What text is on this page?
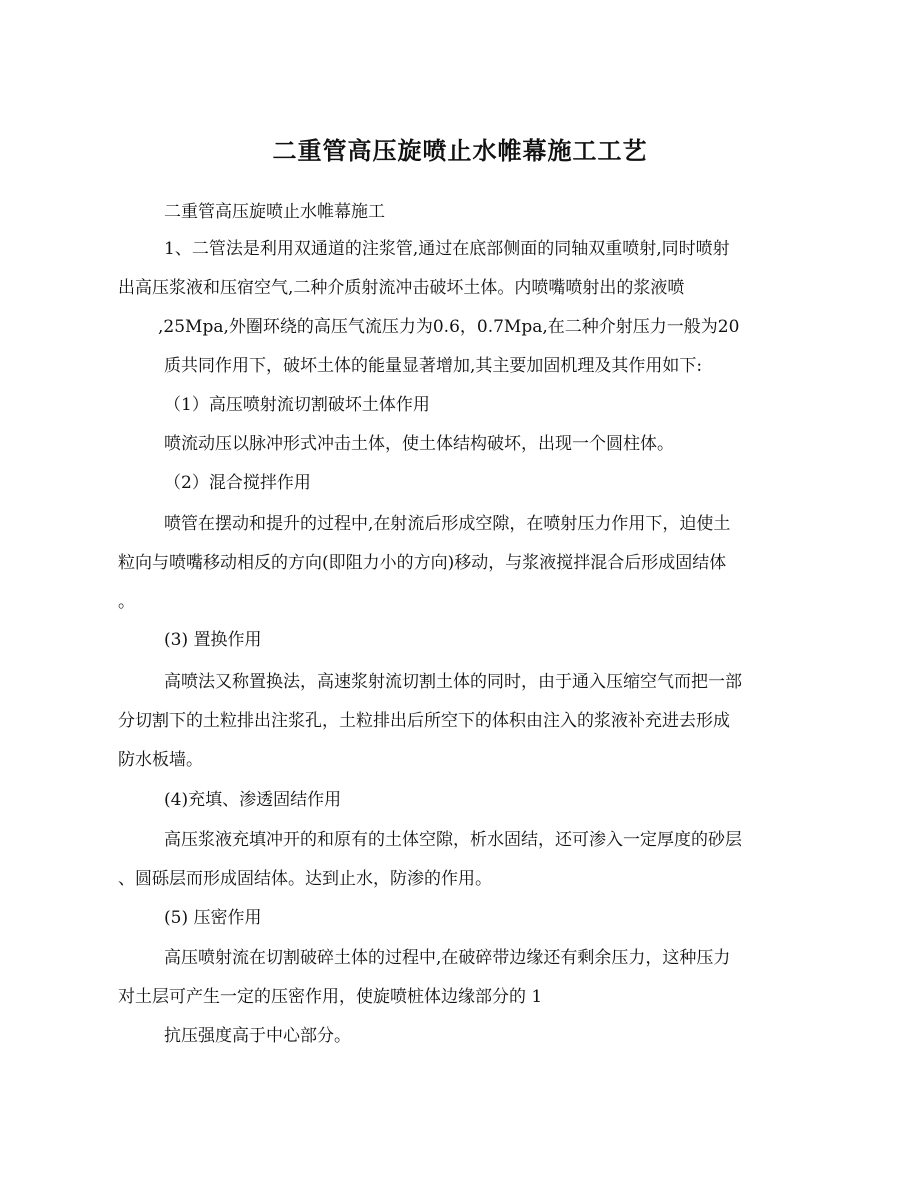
二重管高压旋喷止水帷幕施工工艺

二重管高压旋喷止水帷幕施工

1、二管法是利用双通道的注浆管,通过在底部侧面的同轴双重喷射,同时喷射
出高压浆液和压宿空气,二种介质射流冲击破坏土体。内喷嘴喷射出的浆液喷
,25Mpa,外圈环绕的高压气流压力为0.6，0.7Mpa,在二种介射压力一般为20
质共同作用下，破坏土体的能量显著增加,其主要加固机理及其作用如下:

（1）高压喷射流切割破坏土体作用
喷流动压以脉冲形式冲击土体，使土体结构破坏，出现一个圆柱体。

（2）混合搅拌作用

喷管在摆动和提升的过程中,在射流后形成空隙，在喷射压力作用下，迫使土
粒向与喷嘴移动相反的方向(即阻力小的方向)移动，与浆液搅拌混合后形成固结体
。

(3) 置换作用

高喷法又称置换法，高速浆射流切割土体的同时，由于通入压缩空气而把一部
分切割下的土粒排出注浆孔，土粒排出后所空下的体积由注入的浆液补充进去形成
防水板墙。

(4)充填、渗透固结作用

高压浆液充填冲开的和原有的土体空隙，析水固结，还可渗入一定厚度的砂层
、圆砾层而形成固结体。达到止水，防渗的作用。

(5) 压密作用

高压喷射流在切割破碎土体的过程中,在破碎带边缘还有剩余压力，这种压力
对土层可产生一定的压密作用，使旋喷桩体边缘部分的 1
抗压强度高于中心部分。
